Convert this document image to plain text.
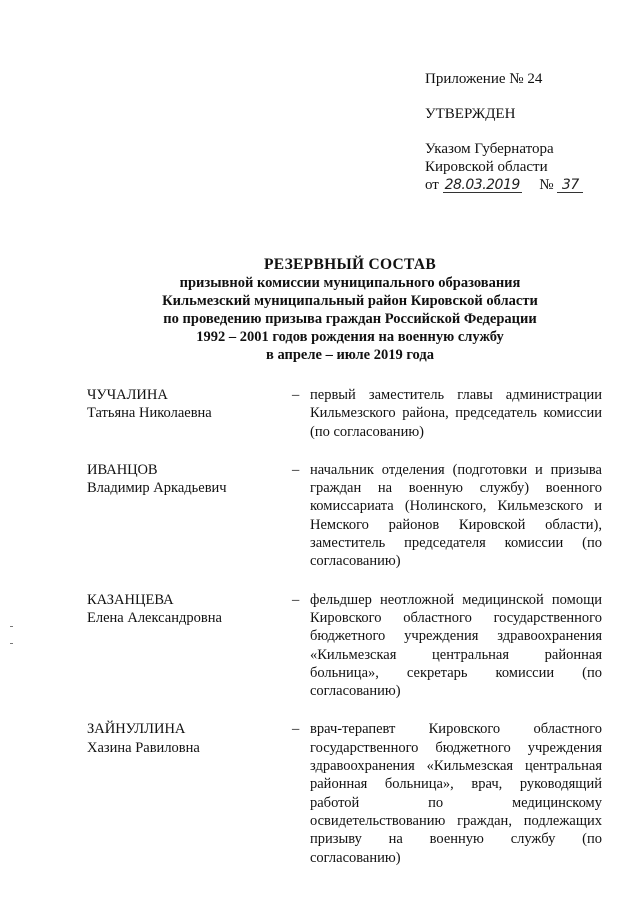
Приложение № 24
УТВЕРЖДЕН
Указом Губернатора
Кировской области
от 28.03.2019 № 37
РЕЗЕРВНЫЙ СОСТАВ
призывной комиссии муниципального образования
Кильмезский муниципальный район Кировской области
по проведению призыва граждан Российской Федерации
1992 – 2001 годов рождения на военную службу
в апреле – июле 2019 года
ЧУЧАЛИНА
Татьяна Николаевна
– первый заместитель главы администрации Кильмезского района, председатель комиссии (по согласованию)
ИВАНЦОВ
Владимир Аркадьевич
– начальник отделения (подготовки и призыва граждан на военную службу) военного комиссариата (Нолинского, Кильмезского и Немского районов Кировской области), заместитель председателя комиссии (по согласованию)
КАЗАНЦЕВА
Елена Александровна
– фельдшер неотложной медицинской помощи Кировского областного государственного бюджетного учреждения здравоохранения «Кильмезская центральная районная больница», секретарь комиссии (по согласованию)
ЗАЙНУЛЛИНА
Хазина Равиловна
– врач-терапевт Кировского областного государственного бюджетного учреждения здравоохранения «Кильмезская центральная районная больница», врач, руководящий работой по медицинскому освидетельствованию граждан, подлежащих призыву на военную службу (по согласованию)
